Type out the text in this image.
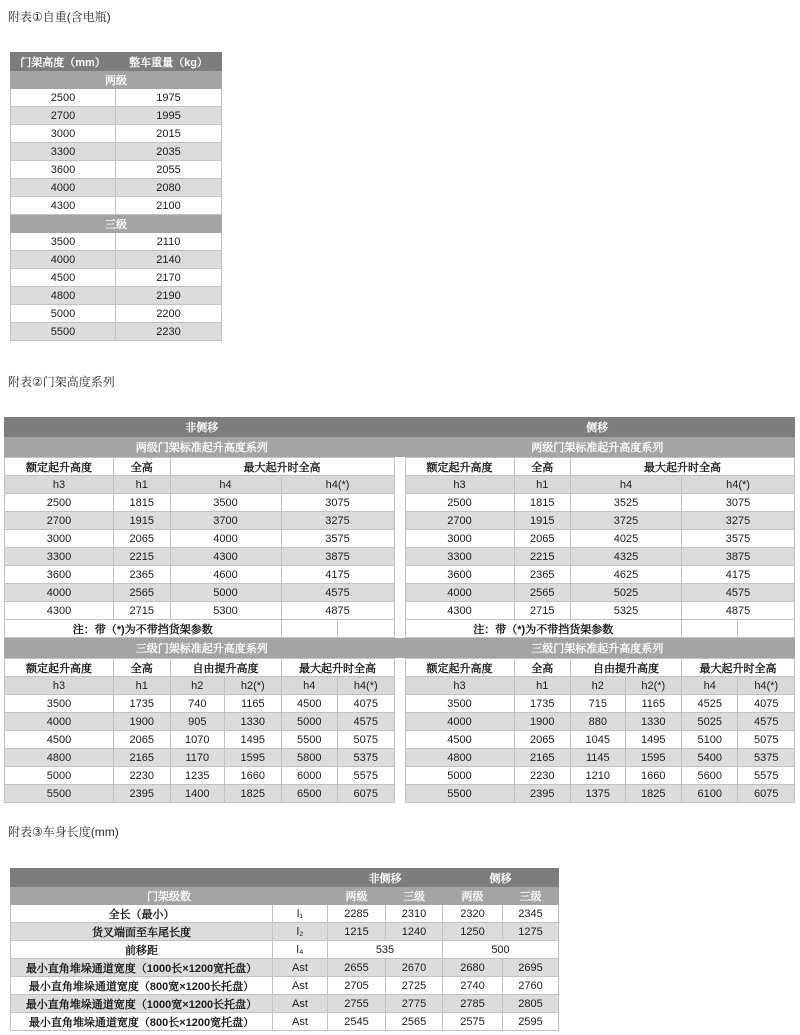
附表①自重(含电瓶)
门架高度（mm）	整车重量（kg）
两级	
2500	1975
2700	1995
3000	2015
3300	2035
3600	2055
4000	2080
4300	2100
三级	
3500	2110
4000	2140
4500	2170
4800	2190
5000	2200
5500	2230
附表②门架高度系列
非侧移	侧移
两级门架标准起升高度系列	两级门架标准起升高度系列
额定起升高度	全高	最大起升时全高		
h3	h1	h4	h4(*)	
2500	1815	3500	3075	
2700	1915	3700	3275	
3000	2065	4000	3575	
3300	2215	4300	3875	
3600	2365	4600	4175	
4000	2565	5000	4575	
4300	2715	5300	4875	
注：带（*)为不带挡货架参数				
额定起升高度	全高	最大起升时全高		
h3	h1	h4	h4(*)	
2500	1815	3525	3075	
2700	1915	3725	3275	
3000	2065	4025	3575	
3300	2215	4325	3875	
3600	2365	4625	4175	
4000	2565	5025	4575	
4300	2715	5325	4875	
注：带（*)为不带挡货架参数				
三级门架标准起升高度系列	三级门架标准起升高度系列
额定起升高度	全高	自由提升高度		最大起升时全高	
h3	h1	h2	h2(*)	h4	h4(*)
3500	1735	740	1165	4500	4075
4000	1900	905	1330	5000	4575
4500	2065	1070	1495	5500	5075
4800	2165	1170	1595	5800	5375
5000	2230	1235	1660	6000	5575
5500	2395	1400	1825	6500	6075
额定起升高度	全高	自由提升高度		最大起升时全高	
h3	h1	h2	h2(*)	h4	h4(*)
3500	1735	715	1165	4525	4075
4000	1900	880	1330	5025	4575
4500	2065	1045	1495	5100	5075
4800	2165	1145	1595	5400	5375
5000	2230	1210	1660	5600	5575
5500	2395	1375	1825	6100	6075
附表③车身长度(mm)
		非侧移		侧移	
门架级数		两级	三级	两级	三级
全长（最小）	l₁	2285	2310	2320	2345
货叉端面至车尾长度	l₂	1215	1240	1250	1275
前移距	l₄	535		500	
最小直角堆垛通道宽度（1000长×1200宽托盘）	Ast	2655	2670	2680	2695
最小直角堆垛通道宽度（800宽×1200长托盘）	Ast	2705	2725	2740	2760
最小直角堆垛通道宽度（1000宽×1200长托盘）	Ast	2755	2775	2785	2805
最小直角堆垛通道宽度（800长×1200宽托盘）	Ast	2545	2565	2575	2595
